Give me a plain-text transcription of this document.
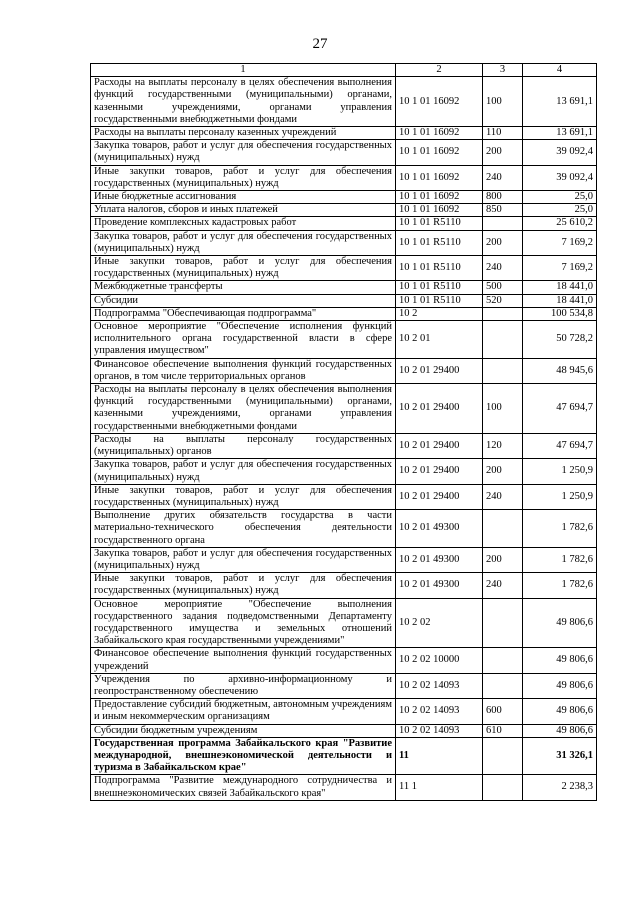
27
1	2	3	4
Расходы на выплаты персоналу в целях обеспечения выполнения функций государственными (муниципальными) органами, казенными учреждениями, органами управления государственными внебюджетными фондами	10 1 01 16092	100	13 691,1
Расходы на выплаты персоналу казенных учреждений	10 1 01 16092	110	13 691,1
Закупка товаров, работ и услуг для обеспечения государственных (муниципальных) нужд	10 1 01 16092	200	39 092,4
Иные закупки товаров, работ и услуг для обеспечения государственных (муниципальных) нужд	10 1 01 16092	240	39 092,4
Иные бюджетные ассигнования	10 1 01 16092	800	25,0
Уплата налогов, сборов и иных платежей	10 1 01 16092	850	25,0
Проведение комплексных кадастровых работ	10 1 01 R5110		25 610,2
Закупка товаров, работ и услуг для обеспечения государственных (муниципальных) нужд	10 1 01 R5110	200	7 169,2
Иные закупки товаров, работ и услуг для обеспечения государственных (муниципальных) нужд	10 1 01 R5110	240	7 169,2
Межбюджетные трансферты	10 1 01 R5110	500	18 441,0
Субсидии	10 1 01 R5110	520	18 441,0
Подпрограмма "Обеспечивающая подпрограмма"	10 2		100 534,8
Основное мероприятие "Обеспечение исполнения функций исполнительного органа государственной власти в сфере управления имуществом"	10 2 01		50 728,2
Финансовое обеспечение выполнения функций государственных органов, в том числе территориальных органов	10 2 01 29400		48 945,6
Расходы на выплаты персоналу в целях обеспечения выполнения функций государственными (муниципальными) органами, казенными учреждениями, органами управления государственными внебюджетными фондами	10 2 01 29400	100	47 694,7
Расходы на выплаты персоналу государственных (муниципальных) органов	10 2 01 29400	120	47 694,7
Закупка товаров, работ и услуг для обеспечения государственных (муниципальных) нужд	10 2 01 29400	200	1 250,9
Иные закупки товаров, работ и услуг для обеспечения государственных (муниципальных) нужд	10 2 01 29400	240	1 250,9
Выполнение других обязательств государства в части материально-технического обеспечения деятельности государственного органа	10 2 01 49300		1 782,6
Закупка товаров, работ и услуг для обеспечения государственных (муниципальных) нужд	10 2 01 49300	200	1 782,6
Иные закупки товаров, работ и услуг для обеспечения государственных (муниципальных) нужд	10 2 01 49300	240	1 782,6
Основное мероприятие "Обеспечение выполнения государственного задания подведомственными Департаменту государственного имущества и земельных отношений Забайкальского края государственными учреждениями"	10 2 02		49 806,6
Финансовое обеспечение выполнения функций государственных учреждений	10 2 02 10000		49 806,6
Учреждения по архивно-информационному и геопространственному обеспечению	10 2 02 14093		49 806,6
Предоставление субсидий бюджетным, автономным учреждениям и иным некоммерческим организациям	10 2 02 14093	600	49 806,6
Субсидии бюджетным учреждениям	10 2 02 14093	610	49 806,6
Государственная программа Забайкальского края "Развитие международной, внешнеэкономической деятельности и туризма в Забайкальском крае"	11		31 326,1
Подпрограмма "Развитие международного сотрудничества и внешнеэкономических связей Забайкальского края"	11 1		2 238,3
